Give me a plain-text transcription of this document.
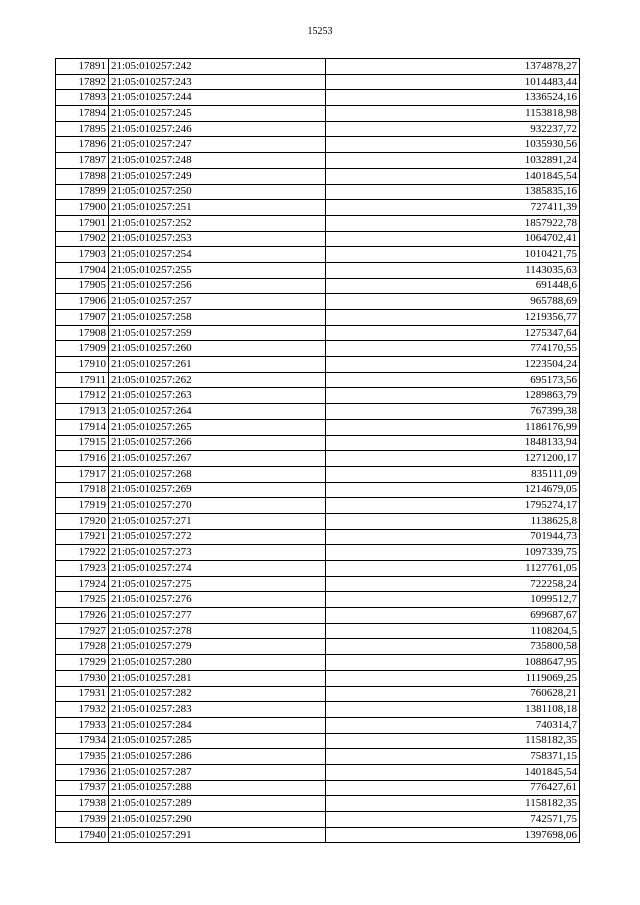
15253
17891	21:05:010257:242	1374878,27
17892	21:05:010257:243	1014483,44
17893	21:05:010257:244	1336524,16
17894	21:05:010257:245	1153818,98
17895	21:05:010257:246	932237,72
17896	21:05:010257:247	1035930,56
17897	21:05:010257:248	1032891,24
17898	21:05:010257:249	1401845,54
17899	21:05:010257:250	1385835,16
17900	21:05:010257:251	727411,39
17901	21:05:010257:252	1857922,78
17902	21:05:010257:253	1064702,41
17903	21:05:010257:254	1010421,75
17904	21:05:010257:255	1143035,63
17905	21:05:010257:256	691448,6
17906	21:05:010257:257	965788,69
17907	21:05:010257:258	1219356,77
17908	21:05:010257:259	1275347,64
17909	21:05:010257:260	774170,55
17910	21:05:010257:261	1223504,24
17911	21:05:010257:262	695173,56
17912	21:05:010257:263	1289863,79
17913	21:05:010257:264	767399,38
17914	21:05:010257:265	1186176,99
17915	21:05:010257:266	1848133,94
17916	21:05:010257:267	1271200,17
17917	21:05:010257:268	835111,09
17918	21:05:010257:269	1214679,05
17919	21:05:010257:270	1795274,17
17920	21:05:010257:271	1138625,8
17921	21:05:010257:272	701944,73
17922	21:05:010257:273	1097339,75
17923	21:05:010257:274	1127761,05
17924	21:05:010257:275	722258,24
17925	21:05:010257:276	1099512,7
17926	21:05:010257:277	699687,67
17927	21:05:010257:278	1108204,5
17928	21:05:010257:279	735800,58
17929	21:05:010257:280	1088647,95
17930	21:05:010257:281	1119069,25
17931	21:05:010257:282	760628,21
17932	21:05:010257:283	1381108,18
17933	21:05:010257:284	740314,7
17934	21:05:010257:285	1158182,35
17935	21:05:010257:286	758371,15
17936	21:05:010257:287	1401845,54
17937	21:05:010257:288	776427,61
17938	21:05:010257:289	1158182,35
17939	21:05:010257:290	742571,75
17940	21:05:010257:291	1397698,06
